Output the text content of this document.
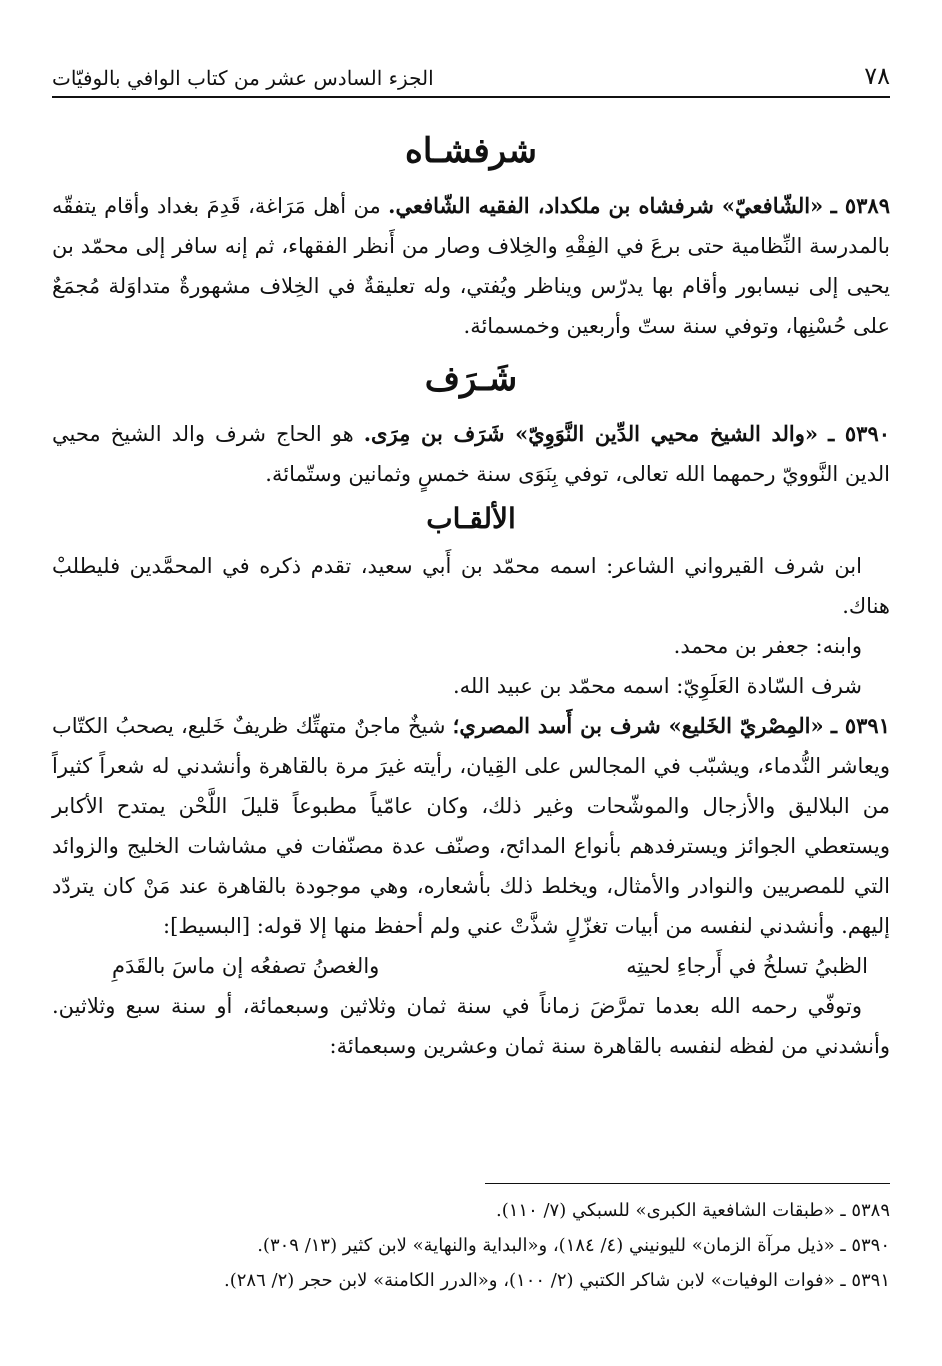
٧٨
الجزء السادس عشر من كتاب الوافي بالوفيّات
شرفشـاه

٥٣٨٩ ـ «الشّافعيّ» شرفشاه بن ملكداد، الفقيه الشّافعي. من أهل مَرَاغة، قَدِمَ بغداد وأقام يتفقّه بالمدرسة النِّظامية حتى برعَ في الفِقْهِ والخِلاف وصار من أَنظر الفقهاء، ثم إنه سافر إلى محمّد بن يحيى إلى نيسابور وأقام بها يدرّس ويناظر ويُفتي، وله تعليقةٌ في الخِلاف مشهورةٌ متداوَلة مُجمَعٌ على حُسْنِها، وتوفي سنة ستّ وأربعين وخمسمائة.

شَـرَف

٥٣٩٠ ـ «والد الشيخ محيي الدِّين النَّوَوِيّ» شَرَف بن مِرَى. هو الحاج شرف والد الشيخ محيي الدين النَّوويّ رحمهما الله تعالى، توفي بِنَوَى سنة خمسٍ وثمانين وستّمائة.

الألقـاب

ابن شرف القيرواني الشاعر: اسمه محمّد بن أَبي سعيد، تقدم ذكره في المحمَّدين فليطلبْ هناك.

وابنه: جعفر بن محمد.

شرف السّادة العَلَوِيّ: اسمه محمّد بن عبيد الله.

٥٣٩١ ـ «المِصْريّ الخَليع» شرف بن أَسد المصري؛ شيخٌ ماجنٌ متهتِّك ظريفٌ خَليع، يصحبُ الكتّاب ويعاشر النُّدماء، ويشبّب في المجالس على القِيان، رأيته غيرَ مرة بالقاهرة وأنشدني له شعراً كثيراً من البلاليق والأزجال والموشّحات وغير ذلك، وكان عامّياً مطبوعاً قليلَ اللَّحْن يمتدح الأكابر ويستعطي الجوائز ويسترفدهم بأنواع المدائح، وصنّف عدة مصنّفات في مشاشات الخليج والزوائد التي للمصريين والنوادر والأمثال، ويخلط ذلك بأشعاره، وهي موجودة بالقاهرة عند مَنْ كان يتردّد إليهم. وأنشدني لنفسه من أبيات تغزّلٍ شذَّتْ عني ولم أحفظ منها إلا قوله: [البسيط]:

الظبيُ تسلخُ في أَرجاءِ لحيتِه
والغصنُ تصفعُه إن ماسَ بالقَدَمِ

وتوفّي رحمه الله بعدما تمرَّضَ زماناً في سنة ثمان وثلاثين وسبعمائة، أو سنة سبع وثلاثين. وأنشدني من لفظه لنفسه بالقاهرة سنة ثمان وعشرين وسبعمائة:

٥٣٨٩ ـ «طبقات الشافعية الكبرى» للسبكي (٧/ ١١٠).

٥٣٩٠ ـ «ذيل مرآة الزمان» لليونيني (٤/ ١٨٤)، و«البداية والنهاية» لابن كثير (١٣/ ٣٠٩).

٥٣٩١ ـ «فوات الوفيات» لابن شاكر الكتبي (٢/ ١٠٠)، و«الدرر الكامنة» لابن حجر (٢/ ٢٨٦).
